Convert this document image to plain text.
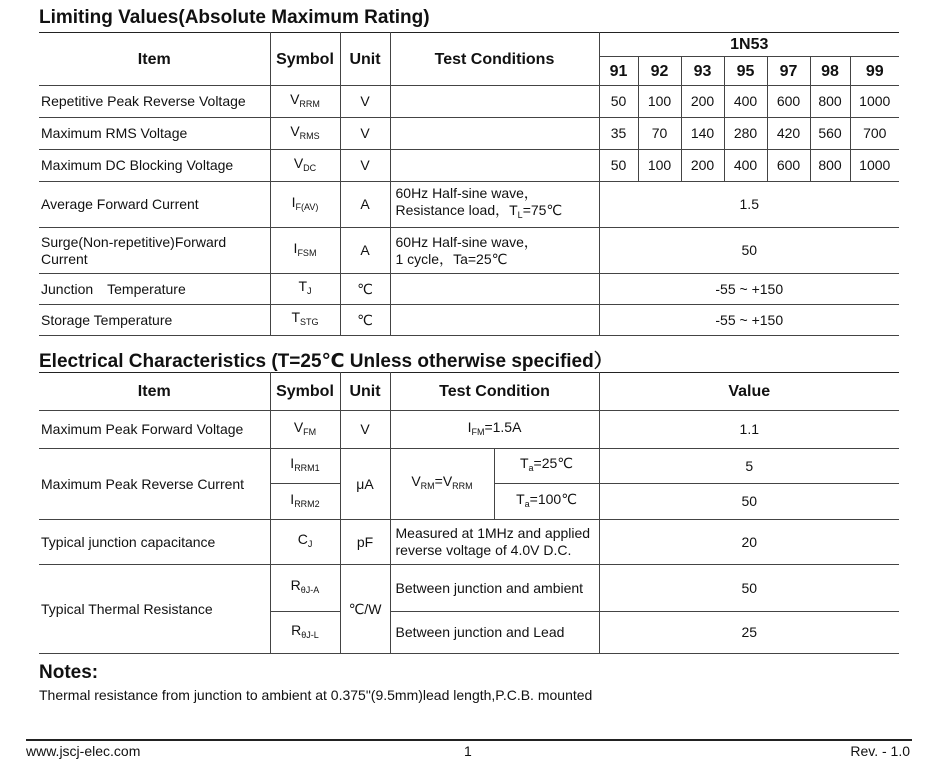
Limiting Values(Absolute Maximum Rating)
Item	Symbol	Unit	Test Conditions	1N53						
				91	92	93	95	97	98	99
Repetitive Peak Reverse Voltage	$V_{RRM}$	V		50	100	200	400	600	800	1000
Maximum RMS Voltage	$V_{RMS}$	V		35	70	140	280	420	560	700
Maximum DC Blocking Voltage	$V_{DC}$	V		50	100	200	400	600	800	1000
Average Forward Current	$I_{F(AV)}$	A	60Hz Half-sine wave，
Resistance load，$T_L=75℃$	1.5						
Surge(Non-repetitive)Forward Current	$I_{FSM}$	A	60Hz Half-sine wave，
1 cycle，Ta=25℃	50						
Junction　Temperature	$T_J$	℃		-55 ~ +150						
Storage Temperature	$T_{STG}$	℃		-55 ~ +150						
Electrical Characteristics (T=25℃ Unless otherwise specified）
Item	Symbol	Unit	Test Condition		Value
Maximum Peak Forward Voltage	$V_{FM}$	V	$I_{FM}=1.5A$		1.1
Maximum Peak Reverse Current	$I_{RRM1}$	μA	$V_{RM}=V_{RRM}$	$T_a=25℃$	5
	$I_{RRM2}$			$T_a=100℃$	50
Typical junction capacitance	$C_J$	pF	Measured at 1MHz and applied
reverse voltage of 4.0V D.C.		20
Typical Thermal Resistance	$R_{\theta J-A}$	℃/W	Between junction and ambient		50
	$R_{\theta J-L}$		Between junction and Lead		25
Notes:
Thermal resistance from junction to ambient at 0.375"(9.5mm)lead length,P.C.B. mounted
www.jscj-elec.com	1	Rev. - 1.0
